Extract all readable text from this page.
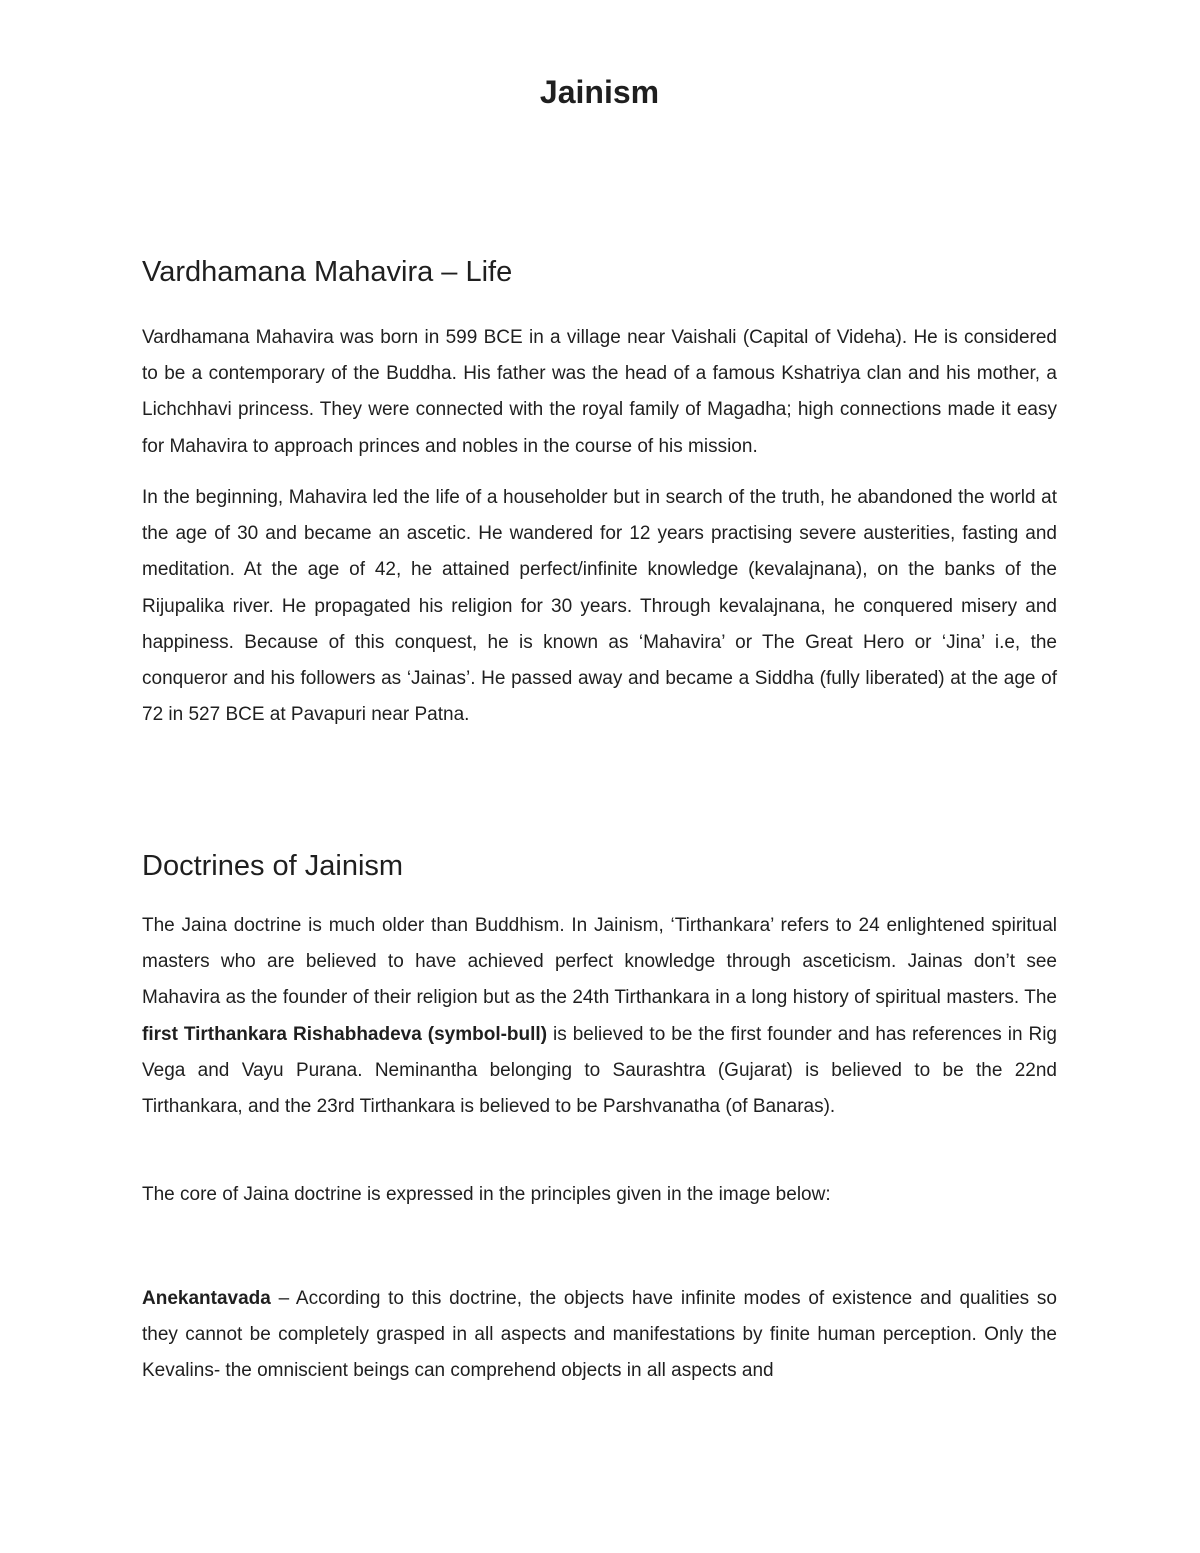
Jainism
Vardhamana Mahavira – Life

Vardhamana Mahavira was born in 599 BCE in a village near Vaishali (Capital of Videha). He is considered to be a contemporary of the Buddha. His father was the head of a famous Kshatriya clan and his mother, a Lichchhavi princess. They were connected with the royal family of Magadha; high connections made it easy for Mahavira to approach princes and nobles in the course of his mission.

In the beginning, Mahavira led the life of a householder but in search of the truth, he abandoned the world at the age of 30 and became an ascetic. He wandered for 12 years practising severe austerities, fasting and meditation. At the age of 42, he attained perfect/infinite knowledge (kevalajnana), on the banks of the Rijupalika river. He propagated his religion for 30 years. Through kevalajnana, he conquered misery and happiness. Because of this conquest, he is known as ‘Mahavira’ or The Great Hero or ‘Jina’ i.e, the conqueror and his followers as ‘Jainas’. He passed away and became a Siddha (fully liberated) at the age of 72 in 527 BCE at Pavapuri near Patna.

Doctrines of Jainism

The Jaina doctrine is much older than Buddhism. In Jainism, ‘Tirthankara’ refers to 24 enlightened spiritual masters who are believed to have achieved perfect knowledge through asceticism. Jainas don’t see Mahavira as the founder of their religion but as the 24th Tirthankara in a long history of spiritual masters. The first Tirthankara Rishabhadeva (symbol-bull) is believed to be the first founder and has references in Rig Vega and Vayu Purana. Neminantha belonging to Saurashtra (Gujarat) is believed to be the 22nd Tirthankara, and the 23rd Tirthankara is believed to be Parshvanatha (of Banaras).

The core of Jaina doctrine is expressed in the principles given in the image below:

Anekantavada – According to this doctrine, the objects have infinite modes of existence and qualities so they cannot be completely grasped in all aspects and manifestations by finite human perception. Only the Kevalins- the omniscient beings can comprehend objects in all aspects and
